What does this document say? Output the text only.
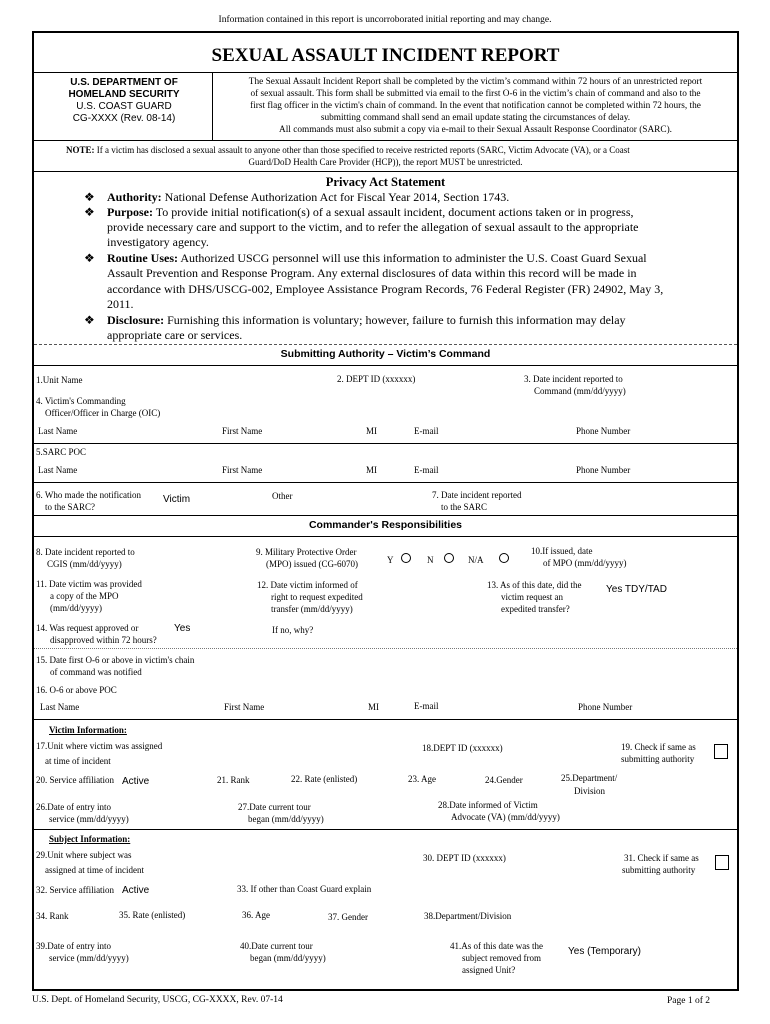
Information contained in this report is uncorroborated initial reporting and may change.
SEXUAL ASSAULT INCIDENT REPORT
U.S. DEPARTMENT OF
HOMELAND SECURITY
U.S. COAST GUARD
CG-XXXX (Rev. 08-14)
The Sexual Assault Incident Report shall be completed by the victim’s command within 72 hours of an unrestricted report
of sexual assault. This form shall be submitted via email to the first O-6 in the victim’s chain of command and also to the
first flag officer in the victim's chain of command. In the event that notification cannot be completed within 72 hours, the
submitting command shall send an email update stating the circumstances of delay.
All commands must also submit a copy via e-mail to their Sexual Assault Response Coordinator (SARC).
NOTE: If a victim has disclosed a sexual assault to anyone other than those specified to receive restricted reports (SARC, Victim Advocate (VA), or a Coast
Guard/DoD Health Care Provider (HCP)), the report MUST be unrestricted.
Privacy Act Statement
❖ Authority: National Defense Authorization Act for Fiscal Year 2014, Section 1743.
❖ Purpose: To provide initial notification(s) of a sexual assault incident, document actions taken or in progress,
provide necessary care and support to the victim, and to refer the allegation of sexual assault to the appropriate
investigatory agency.
❖ Routine Uses: Authorized USCG personnel will use this information to administer the U.S. Coast Guard Sexual
Assault Prevention and Response Program. Any external disclosures of data within this record will be made in
accordance with DHS/USCG-002, Employee Assistance Program Records, 76 Federal Register (FR) 24902, May 3,
2011.
❖ Disclosure: Furnishing this information is voluntary; however, failure to furnish this information may delay
appropriate care or services.
Submitting Authority – Victim’s Command
1.Unit Name	2. DEPT ID (xxxxxx)	3. Date incident reported to
Command (mm/dd/yyyy)
4. Victim's Commanding
Officer/Officer in Charge (OIC)
Last Name	First Name	MI	E-mail	Phone Number
5.SARC POC
Last Name	First Name	MI	E-mail	Phone Number
6. Who made the notification
to the SARC?
Victim	Other	7. Date incident reported
to the SARC
Commander's Responsibilities
8. Date incident reported to
CGIS (mm/dd/yyyy)
9. Military Protective Order
(MPO) issued (CG-6070)	Y	N	N/A
10.If issued, date
of MPO (mm/dd/yyyy)
11. Date victim was provided
a copy of the MPO
(mm/dd/yyyy)
12. Date victim informed of
right to request expedited
transfer (mm/dd/yyyy)
13. As of this date, did the
victim request an
expedited transfer?
Yes TDY/TAD
14. Was request approved or
disapproved within 72 hours?
Yes	If no, why?
15. Date first O-6 or above in victim's chain
of command was notified
16. O-6 or above POC
Last Name	First Name	MI	E-mail	Phone Number
Victim Information:
17.Unit where victim was assigned
at time of incident
18.DEPT ID (xxxxxx)	19. Check if same as
submitting authority
20. Service affiliation Active	21. Rank	22. Rate (enlisted)	23. Age	24.Gender	25.Department/
Division
26.Date of entry into
service (mm/dd/yyyy)
27.Date current tour
began (mm/dd/yyyy)
28.Date informed of Victim
Advocate (VA) (mm/dd/yyyy)
Subject Information:
29.Unit where subject was
assigned at time of incident
30. DEPT ID (xxxxxx)	31. Check if same as
submitting authority
32. Service affiliation Active	33. If other than Coast Guard explain
34. Rank	35. Rate (enlisted)	36. Age	37. Gender	38.Department/Division
39.Date of entry into
service (mm/dd/yyyy)
40.Date current tour
began (mm/dd/yyyy)
41.As of this date was the
subject removed from
assigned Unit?
Yes (Temporary)
U.S. Dept. of Homeland Security, USCG, CG-XXXX, Rev. 07-14	Page 1 of 2
